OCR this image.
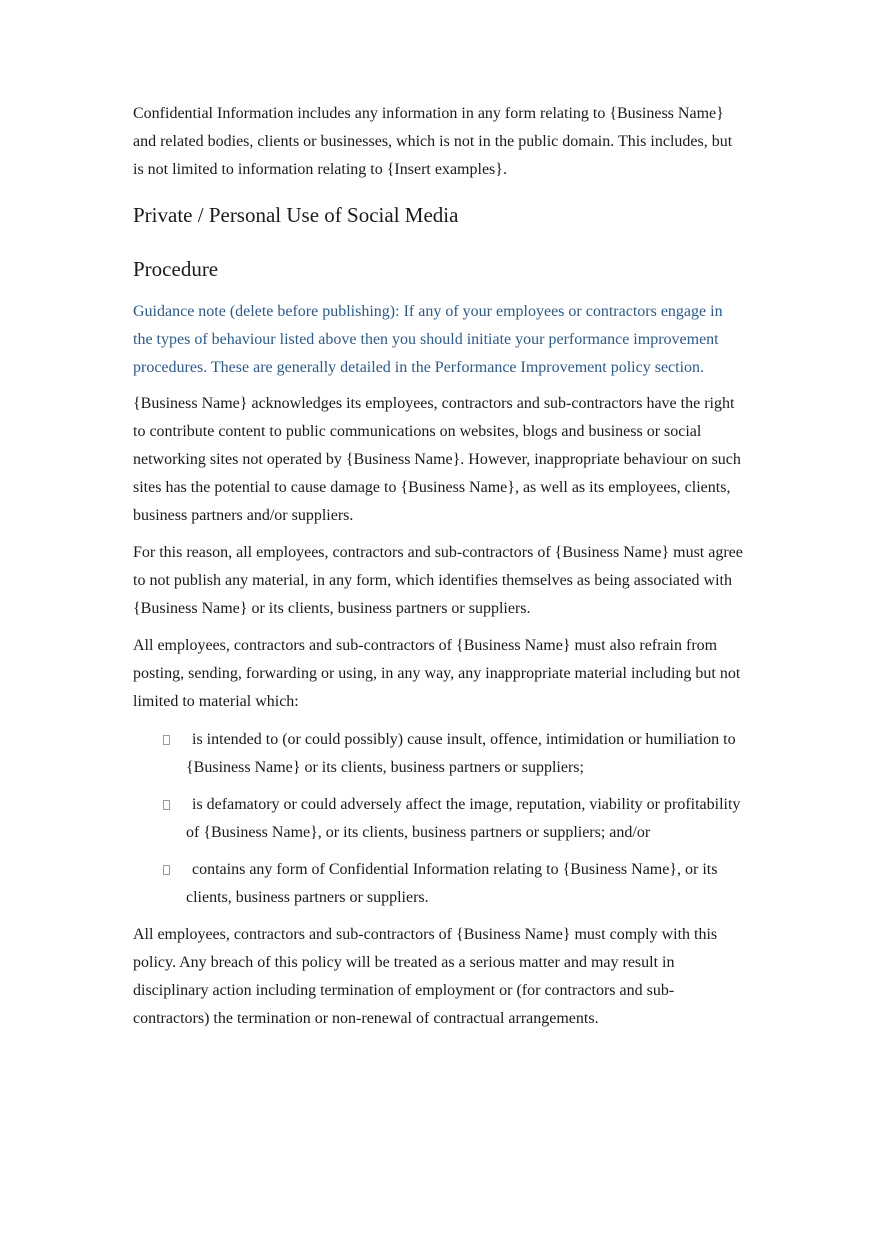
Confidential Information includes any information in any form relating to {Business Name} and related bodies, clients or businesses, which is not in the public domain. This includes, but is not limited to information relating to {Insert examples}.

Private / Personal Use of Social Media
Procedure

Guidance note (delete before publishing): If any of your employees or contractors engage in the types of behaviour listed above then you should initiate your performance improvement procedures. These are generally detailed in the Performance Improvement policy section.

{Business Name} acknowledges its employees, contractors and sub-contractors have the right to contribute content to public communications on websites, blogs and business or social networking sites not operated by {Business Name}. However, inappropriate behaviour on such sites has the potential to cause damage to {Business Name}, as well as its employees, clients, business partners and/or suppliers.

For this reason, all employees, contractors and sub-contractors of {Business Name} must agree to not publish any material, in any form, which identifies themselves as being associated with {Business Name} or its clients, business partners or suppliers.

All employees, contractors and sub-contractors of {Business Name} must also refrain from posting, sending, forwarding or using, in any way, any inappropriate material including but not limited to material which:

is intended to (or could possibly) cause insult, offence, intimidation or humiliation to {Business Name} or its clients, business partners or suppliers;
is defamatory or could adversely affect the image, reputation, viability or profitability of {Business Name}, or its clients, business partners or suppliers; and/or
contains any form of Confidential Information relating to {Business Name}, or its clients, business partners or suppliers.

All employees, contractors and sub-contractors of {Business Name} must comply with this policy. Any breach of this policy will be treated as a serious matter and may result in disciplinary action including termination of employment or (for contractors and sub-contractors) the termination or non-renewal of contractual arrangements.
